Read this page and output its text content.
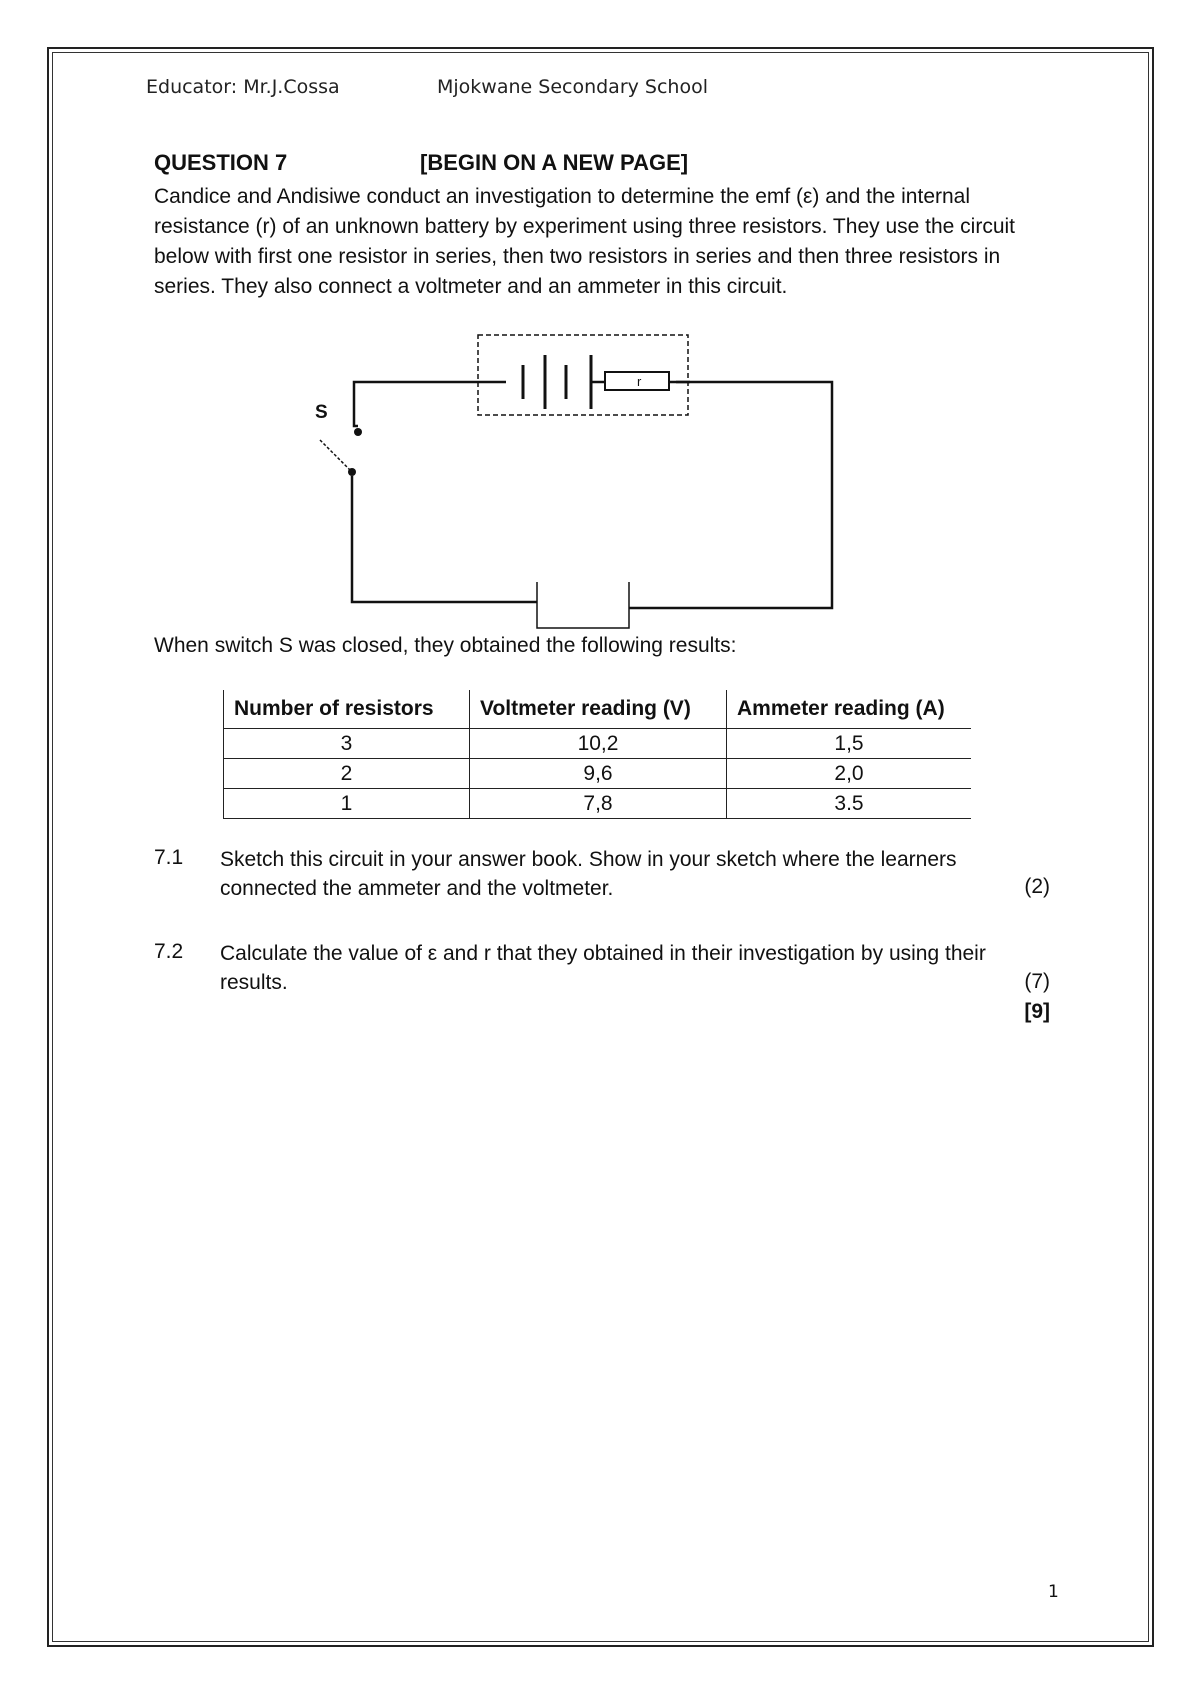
Educator: Mr.J.Cossa	Mjokwane Secondary School
QUESTION 7	[BEGIN ON A NEW PAGE]

Candice and Andisiwe conduct an investigation to determine the emf (ε) and the internal resistance (r) of an unknown battery by experiment using three resistors. They use the circuit below with first one resistor in series, then two resistors in series and then three resistors in series. They also connect a voltmeter and an ammeter in this circuit.

S
r

When switch S was closed, they obtained the following results:

Number of resistors	Voltmeter reading (V)	Ammeter reading (A)
3	10,2	1,5
2	9,6	2,0
1	7,8	3.5
7.1 Sketch this circuit in your answer book. Show in your sketch where the learners connected the ammeter and the voltmeter.	(2)
7.2 Calculate the value of ε and r that they obtained in their investigation by using their results.	(7)
[9]
1
